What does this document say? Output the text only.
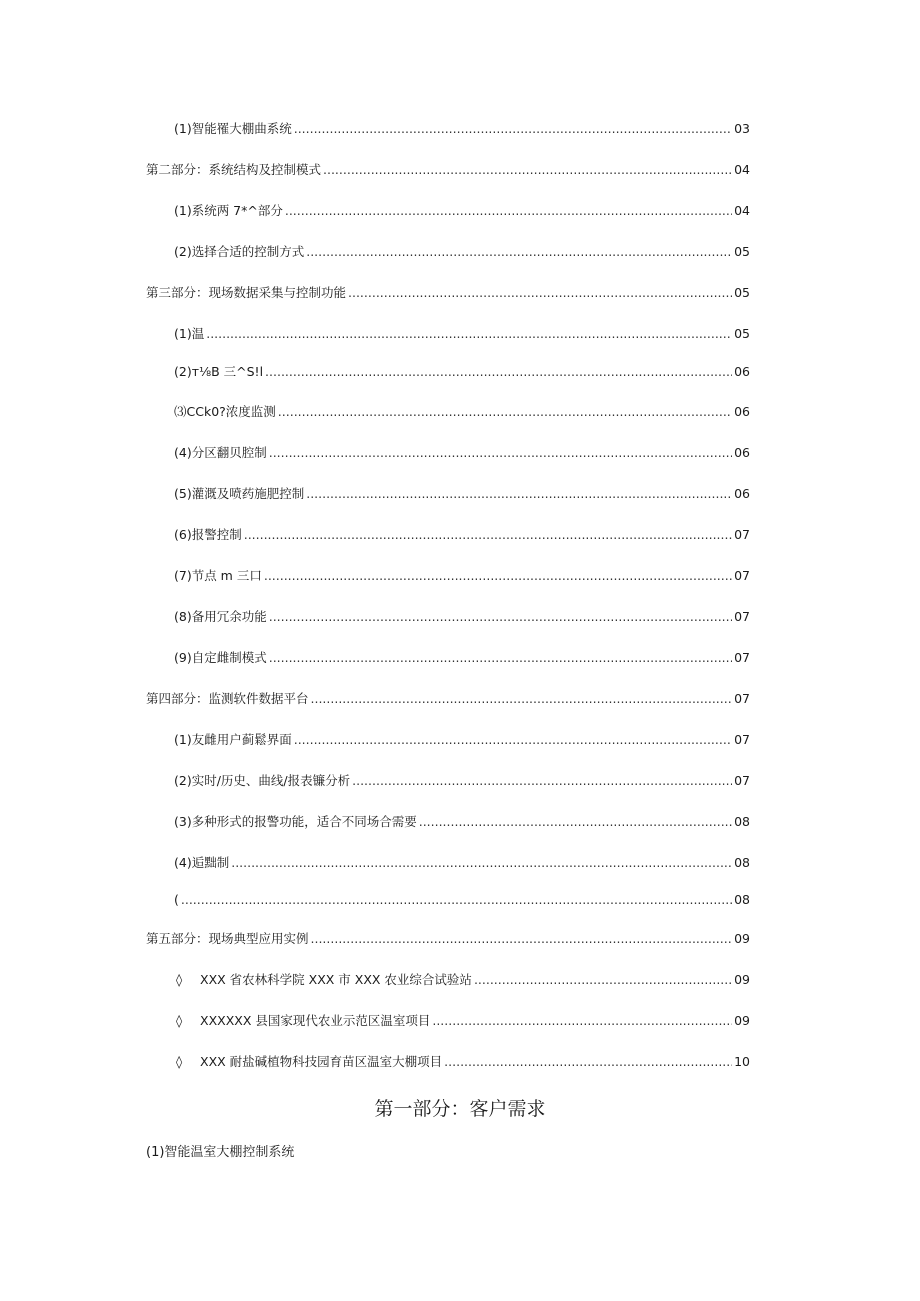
(1)智能罹大棚曲系统 .....	03
第二部分：系统结构及控制模式 .....	04
(1)系统两 7*^部分 .....	04
(2)选择合适的控制方式 .....	05
第三部分：现场数据采集与控制功能 .....	05
(1)温 .....	05
(2)т⅛B 三^S!l .....	06
⑶CCk0?浓度监测 .....	06
(4)分区翻贝腔制 .....	06
(5)灌溉及喷药施肥控制 .....	06
(6)报警控制 .....	07
(7)节点 m 三口 .....	07
(8)备用冗余功能 .....	07
(9)自定雌制模式 .....	07
第四部分：监测软件数据平台 .....	07
(1)友雌用户蓟鬆界面 .....	07
(2)实时/历史、曲线/报表镰分析 .....	07
(3)多种形式的报警功能，适合不同场合需要 .....	08
(4)逅黜制 .....	08
( .....	08
第五部分：现场典型应用实例 .....	09
◊	XXX 省农林科学院 XXX 市 XXX 农业综合试验站 .....	09
◊	XXXXXX 县国家现代农业示范区温室项目 .....	09
◊	XXX 耐盐碱植物科技园育苗区温室大棚项目 .....	10
第一部分：客户需求
(1)智能温室大棚控制系统
